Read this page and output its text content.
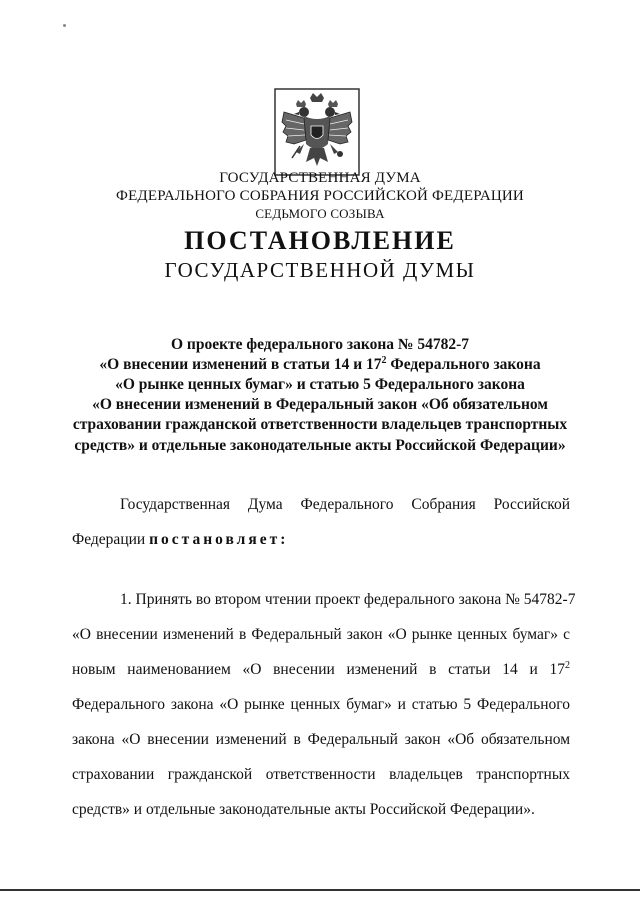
ГОСУДАРСТВЕННАЯ ДУМА
ФЕДЕРАЛЬНОГО СОБРАНИЯ РОССИЙСКОЙ ФЕДЕРАЦИИ
СЕДЬМОГО СОЗЫВА
ПОСТАНОВЛЕНИЕ
ГОСУДАРСТВЕННОЙ ДУМЫ
О проекте федерального закона № 54782-7
«О внесении изменений в статьи 14 и $17^2$ Федерального закона
«О рынке ценных бумаг» и статью 5 Федерального закона
«О внесении изменений в Федеральный закон «Об обязательном
страховании гражданской ответственности владельцев транспортных
средств» и отдельные законодательные акты Российской Федерации»
Государственная Дума Федерального Собрания Российской
Федерации постановляет:
1. Принять во втором чтении проект федерального закона № 54782-7
«О внесении изменений в Федеральный закон «О рынке ценных бумаг» с
новым наименованием «О внесении изменений в статьи 14 и $17^2$
Федерального закона «О рынке ценных бумаг» и статью 5 Федерального
закона «О внесении изменений в Федеральный закон «Об обязательном
страховании гражданской ответственности владельцев транспортных
средств» и отдельные законодательные акты Российской Федерации».
